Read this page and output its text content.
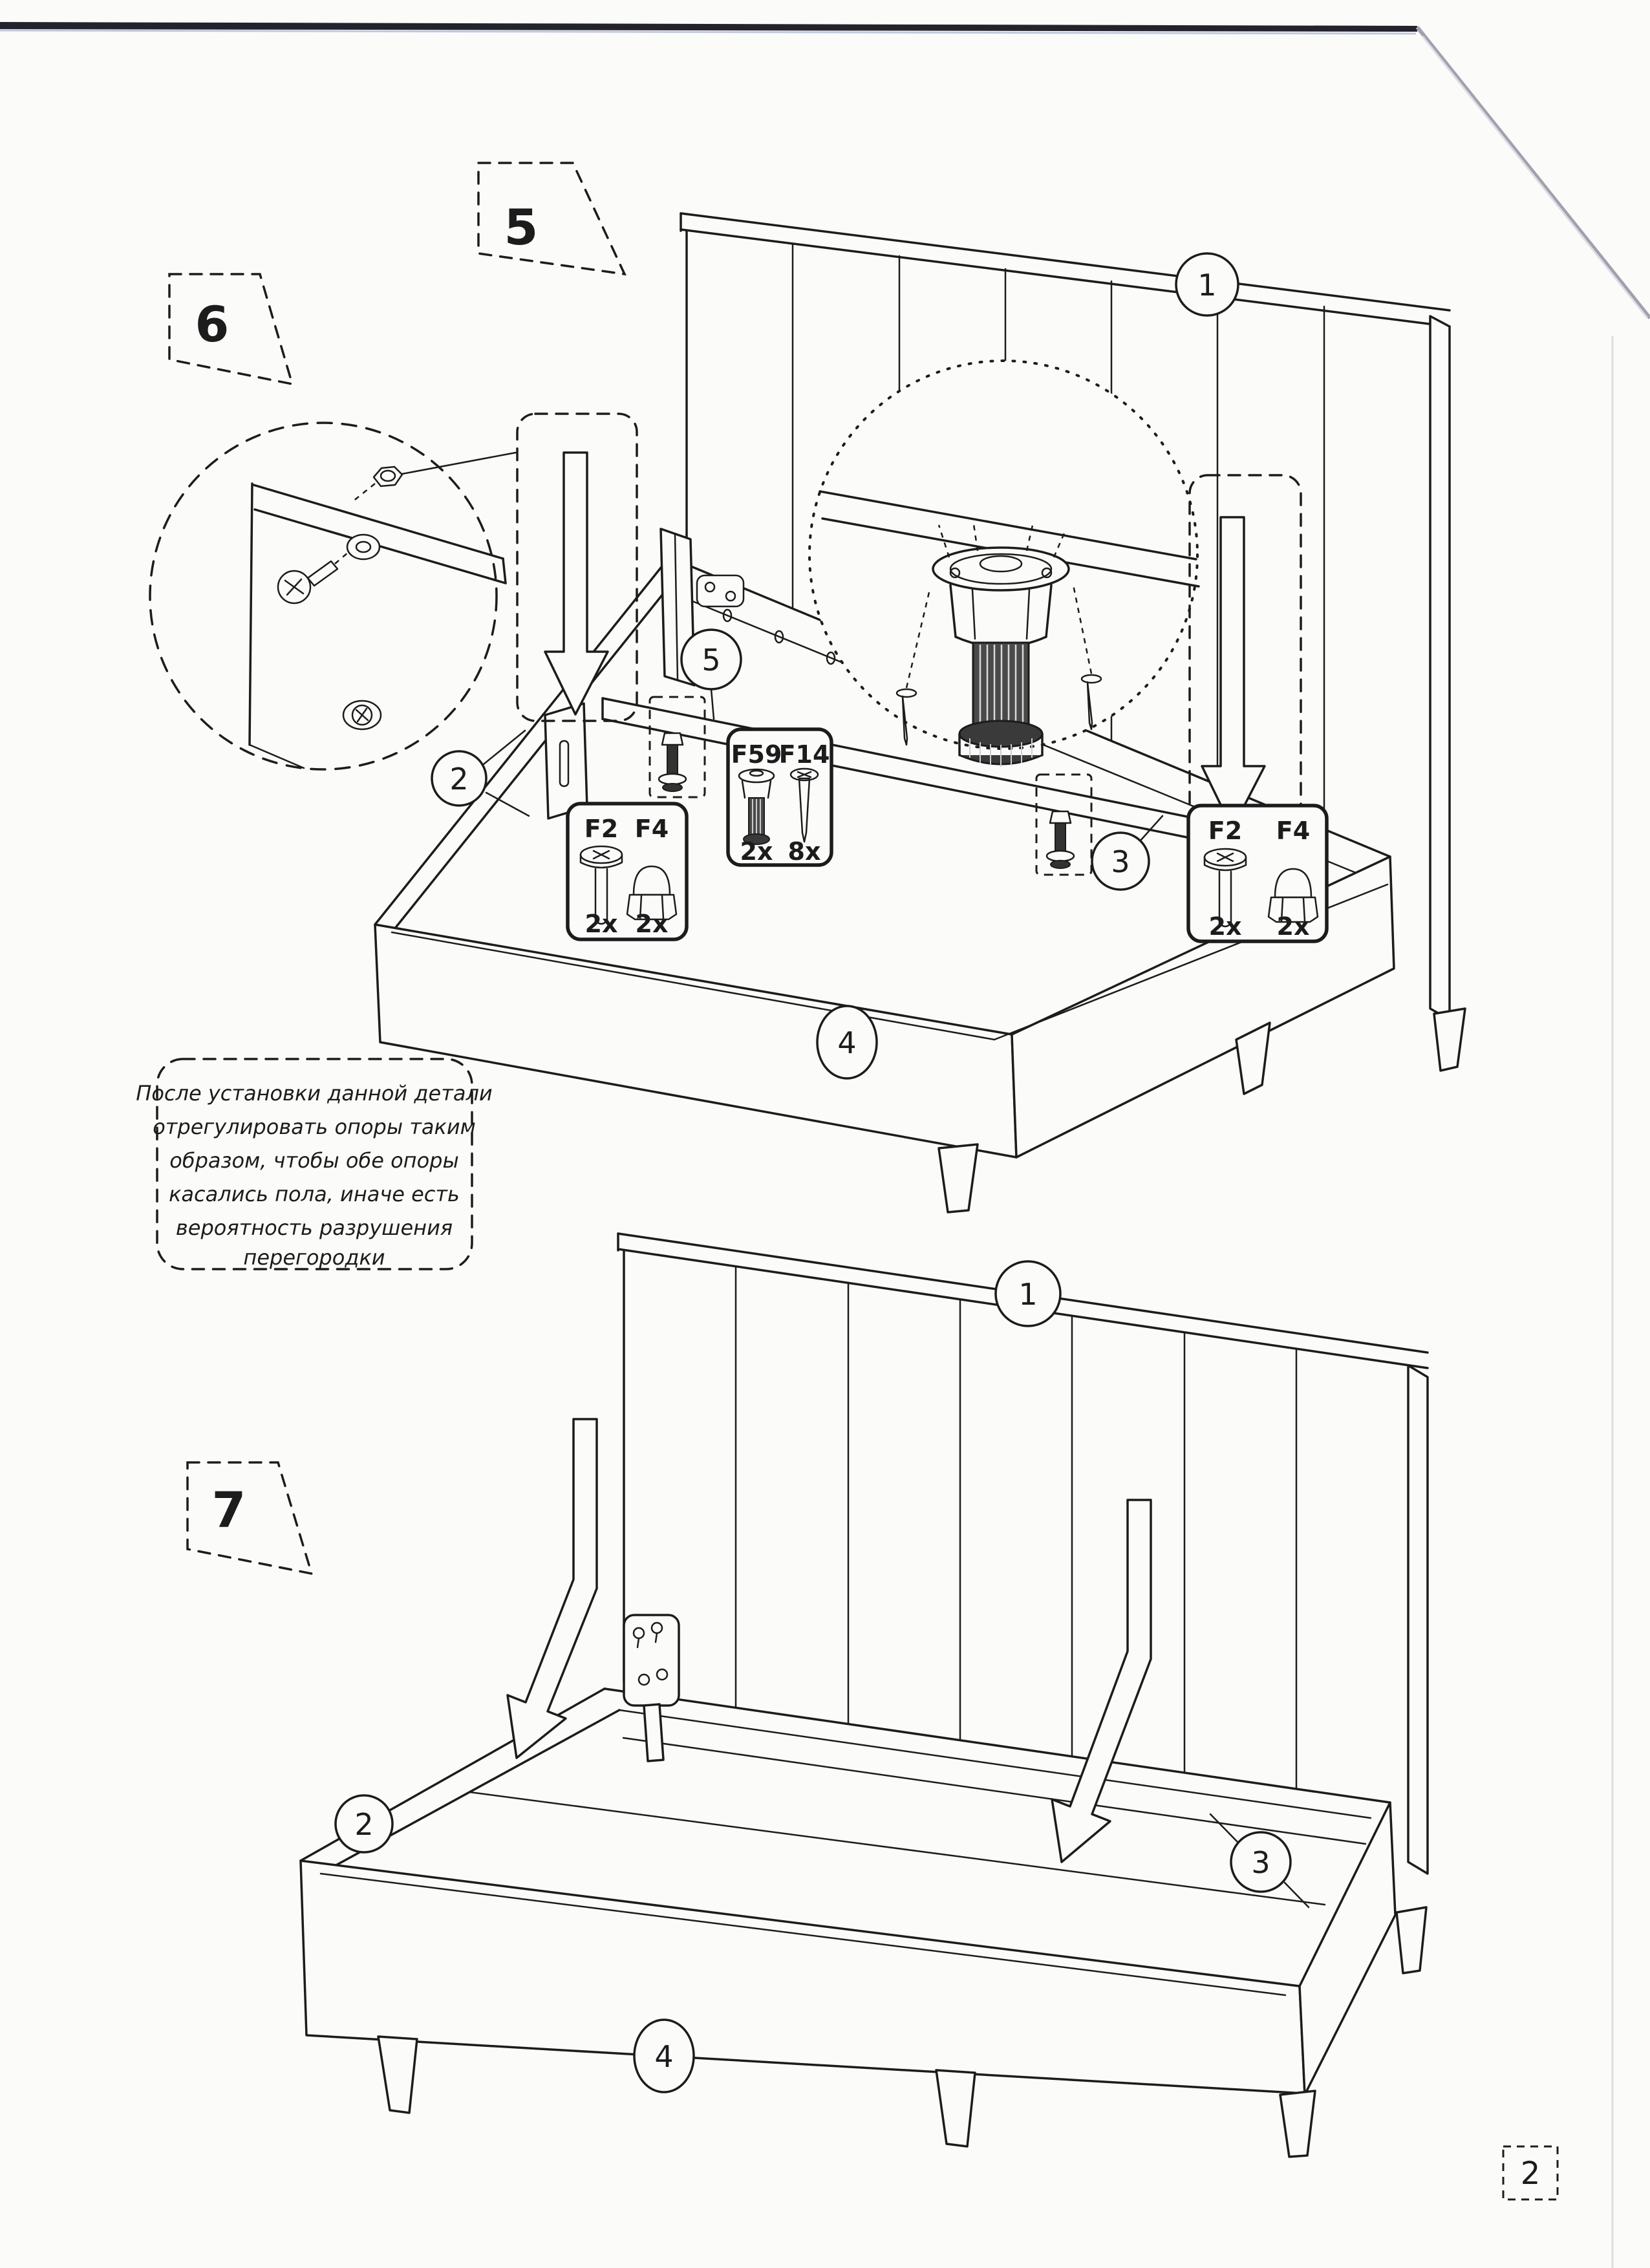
5
6
7
F2
2x
F4
2x
F59
2x
F14
8x
F2
2x
F4
2x
1
2
3
4
5
После установки данной детали
отрегулировать опоры таким
образом, чтобы обе опоры
касались пола, иначе есть
вероятность разрушения
перегородки
1
2
3
4
2
